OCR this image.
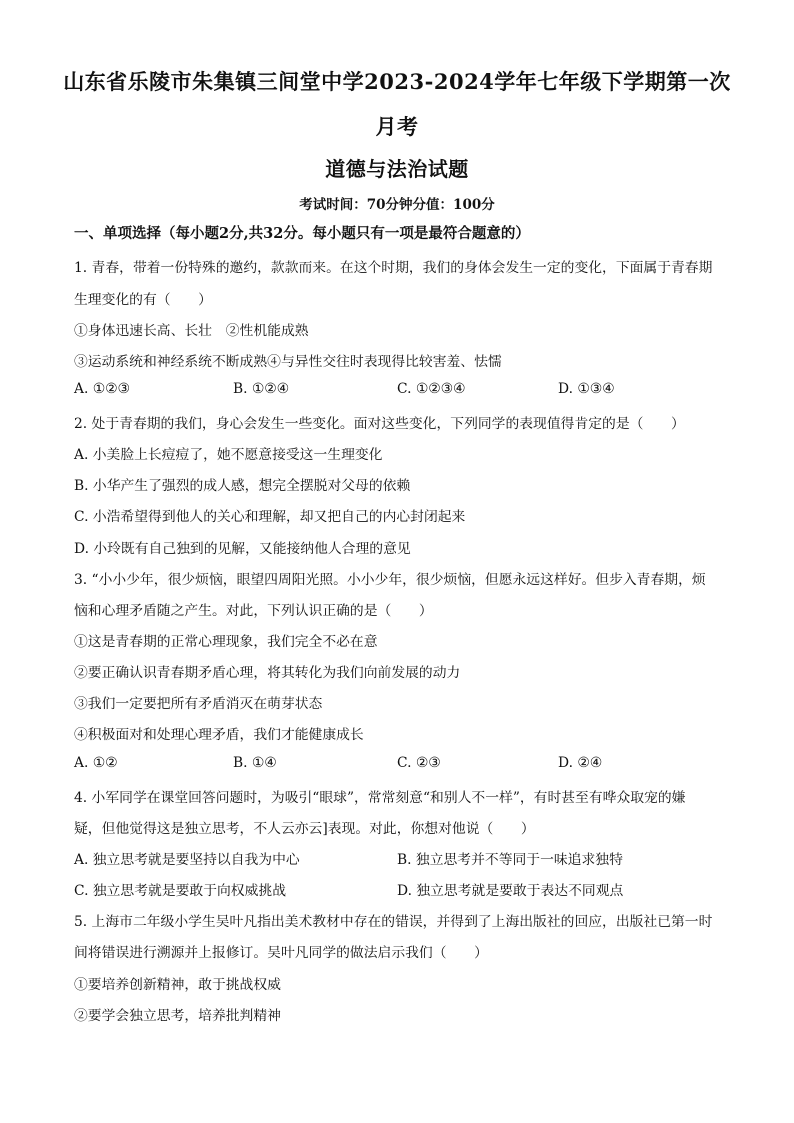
山东省乐陵市朱集镇三间堂中学2023-2024学年七年级下学期第一次
月考
道德与法治试题
考试时间：70分钟分值：100分
一、单项选择（每小题2分,共32分。每小题只有一项是最符合题意的）
1. 青春，带着一份特殊的邀约，款款而来。在这个时期，我们的身体会发生一定的变化，下面属于青春期
生理变化的有（　　）
①身体迅速长高、长壮　②性机能成熟
③运动系统和神经系统不断成熟④与异性交往时表现得比较害羞、怯懦
A. ①②③	B. ①②④	C. ①②③④	D. ①③④
2. 处于青春期的我们，身心会发生一些变化。面对这些变化，下列同学的表现值得肯定的是（　　）
A. 小美脸上长痘痘了，她不愿意接受这一生理变化
B. 小华产生了强烈的成人感，想完全摆脱对父母的依赖
C. 小浩希望得到他人的关心和理解，却又把自己的内心封闭起来
D. 小玲既有自己独到的见解，又能接纳他人合理的意见
3. “小小少年，很少烦恼，眼望四周阳光照。小小少年，很少烦恼，但愿永远这样好。但步入青春期，烦
恼和心理矛盾随之产生。对此，下列认识正确的是（　　）
①这是青春期的正常心理现象，我们完全不必在意
②要正确认识青春期矛盾心理，将其转化为我们向前发展的动力
③我们一定要把所有矛盾消灭在萌芽状态
④积极面对和处理心理矛盾，我们才能健康成长
A. ①②	B. ①④	C. ②③	D. ②④
4. 小军同学在课堂回答问题时，为吸引“眼球”，常常刻意“和别人不一样”，有时甚至有哗众取宠的嫌
疑，但他觉得这是独立思考，不人云亦云]表现。对此，你想对他说（　　）
A. 独立思考就是要坚持以自我为中心	B. 独立思考并不等同于一味追求独特
C. 独立思考就是要敢于向权威挑战	D. 独立思考就是要敢于表达不同观点
5. 上海市二年级小学生吴叶凡指出美术教材中存在的错误，并得到了上海出版社的回应，出版社已第一时
间将错误进行溯源并上报修订。吴叶凡同学的做法启示我们（　　）
①要培养创新精神，敢于挑战权威
②要学会独立思考，培养批判精神
